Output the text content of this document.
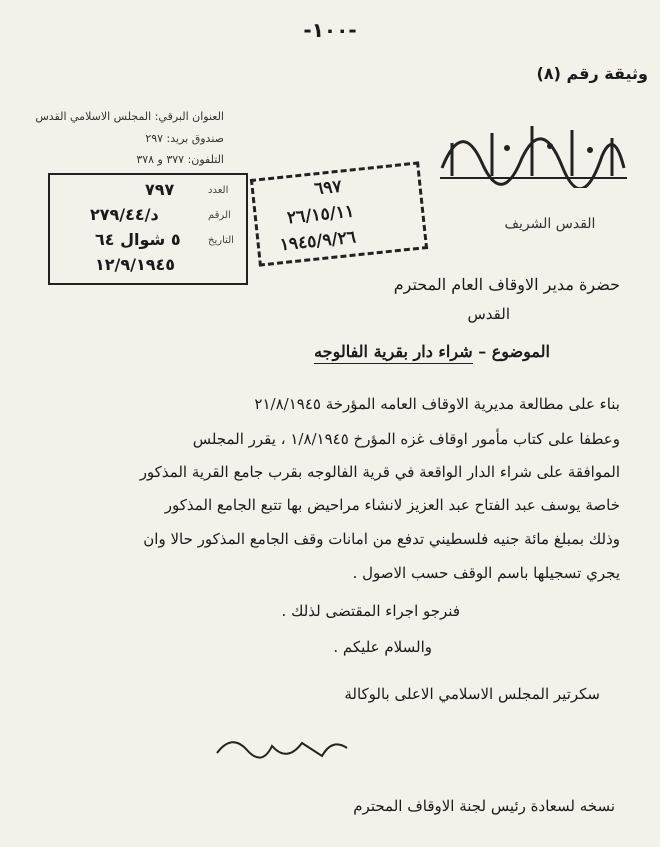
-١٠٠-
وثيقة رقم (٨)
العنوان البرقي: المجلس الاسلامي القدس
صندوق بريد: ٢٩٧
التلفون: ٣٧٧ و ٣٧٨
القدس الشريف
العدد
٧٩٧
الرقم
د/٢٧٩/٤٤
التاريخ
٥ شوال ٦٤
١٢/٩/١٩٤٥
٦٩٧
٢٦/١٥/١١
١٩٤٥/٩/٢٦
حضرة مدير الاوقاف العام المحترم
القدس
الموضوع – شراء دار بقرية الفالوجه
بناء على مطالعة مديرية الاوقاف العامه المؤرخة ٢١/٨/١٩٤٥
وعطفا على كتاب مأمور اوقاف غزه المؤرخ ١/٨/١٩٤٥ ، يقرر المجلس
الموافقة على شراء الدار الواقعة في قرية الفالوجه بقرب جامع القرية المذكور
خاصة يوسف عبد الفتاح عبد العزيز لانشاء مراحيض بها تتبع الجامع المذكور
وذلك بمبلغ مائة جنيه فلسطيني تدفع من امانات وقف الجامع المذكور حالا وان
يجري تسجيلها باسم الوقف حسب الاصول .
فنرجو اجراء المقتضى لذلك .
والسلام عليكم .
سكرتير المجلس الاسلامي الاعلى بالوكالة
نسخه لسعادة رئيس لجنة الاوقاف المحترم
